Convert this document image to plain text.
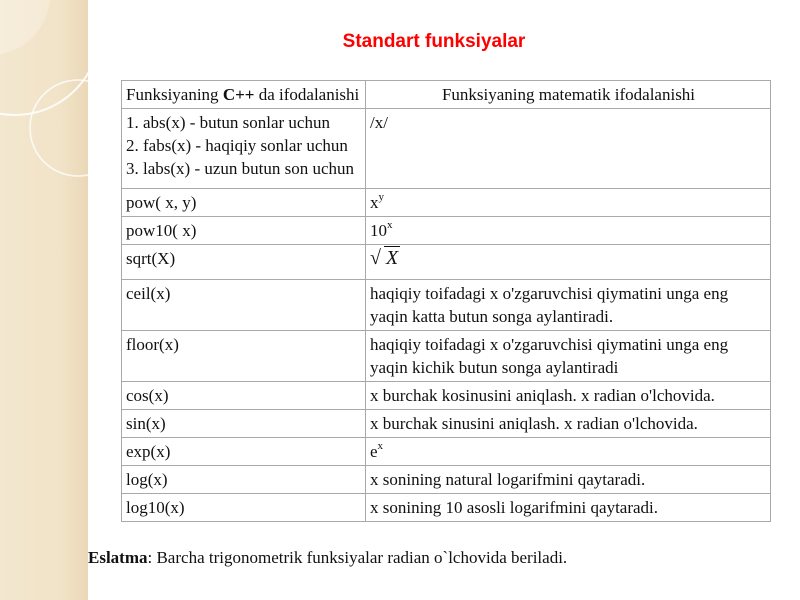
Standart funksiyalar
Funksiyaning C++ da ifodalanishi	Funksiyaning matematik ifodalanishi

1. abs(x) - butun sonlar uchun
2. fabs(x) - haqiqiy sonlar uchun
3. labs(x) - uzun butun son uchun	/x/
pow( x, y)	$x^y$
pow10( x)	10$^x$
sqrt(X)	√ X
ceil(x)	haqiqiy toifadagi x o'zgaruvchisi qiymatini unga eng
yaqin katta butun songa aylantiradi.

floor(x)	haqiqiy toifadagi x o'zgaruvchisi qiymatini unga eng
yaqin kichik butun songa aylantiradi

cos(x)	x burchak kosinusini aniqlash. x radian o'lchovida.
sin(x)	x burchak sinusini aniqlash. x radian o'lchovida.
exp(x)	$e^x$
log(x)	x sonining natural logarifmini qaytaradi.
log10(x)	x sonining 10 asosli logarifmini qaytaradi.
Eslatma: Barcha trigonometrik funksiyalar radian o`lchovida beriladi.
